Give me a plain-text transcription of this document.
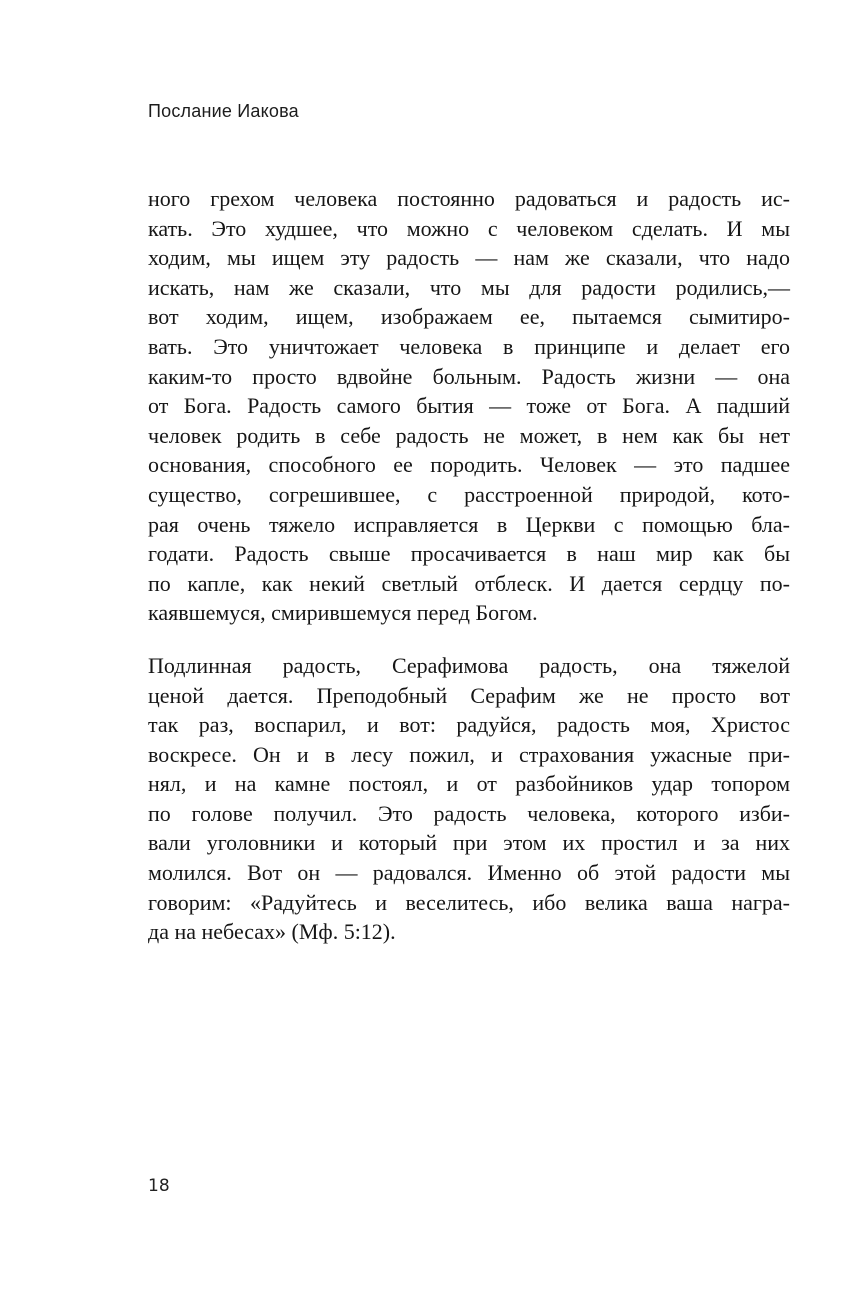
Послание Иакова
ного грехом человека постоянно радоваться и радость ис-
кать. Это худшее, что можно с человеком сделать. И мы
ходим, мы ищем эту радость — нам же сказали, что надо
искать, нам же сказали, что мы для радости родились,—
вот ходим, ищем, изображаем ее, пытаемся сымитиро-
вать. Это уничтожает человека в принципе и делает его
каким-то просто вдвойне больным. Радость жизни — она
от Бога. Радость самого бытия — тоже от Бога. А падший
человек родить в себе радость не может, в нем как бы нет
основания, способного ее породить. Человек — это падшее
существо, согрешившее, с расстроенной природой, кото-
рая очень тяжело исправляется в Церкви с помощью бла-
годати. Радость свыше просачивается в наш мир как бы
по капле, как некий светлый отблеск. И дается сердцу по-
каявшемуся, смирившемуся перед Богом.
Подлинная радость, Серафимова радость, она тяжелой
ценой дается. Преподобный Серафим же не просто вот
так раз, воспарил, и вот: радуйся, радость моя, Христос
воскресе. Он и в лесу пожил, и страхования ужасные при-
нял, и на камне постоял, и от разбойников удар топором
по голове получил. Это радость человека, которого изби-
вали уголовники и который при этом их простил и за них
молился. Вот он — радовался. Именно об этой радости мы
говорим: «Радуйтесь и веселитесь, ибо велика ваша награ-
да на небесах» (Мф. 5:12).
18
